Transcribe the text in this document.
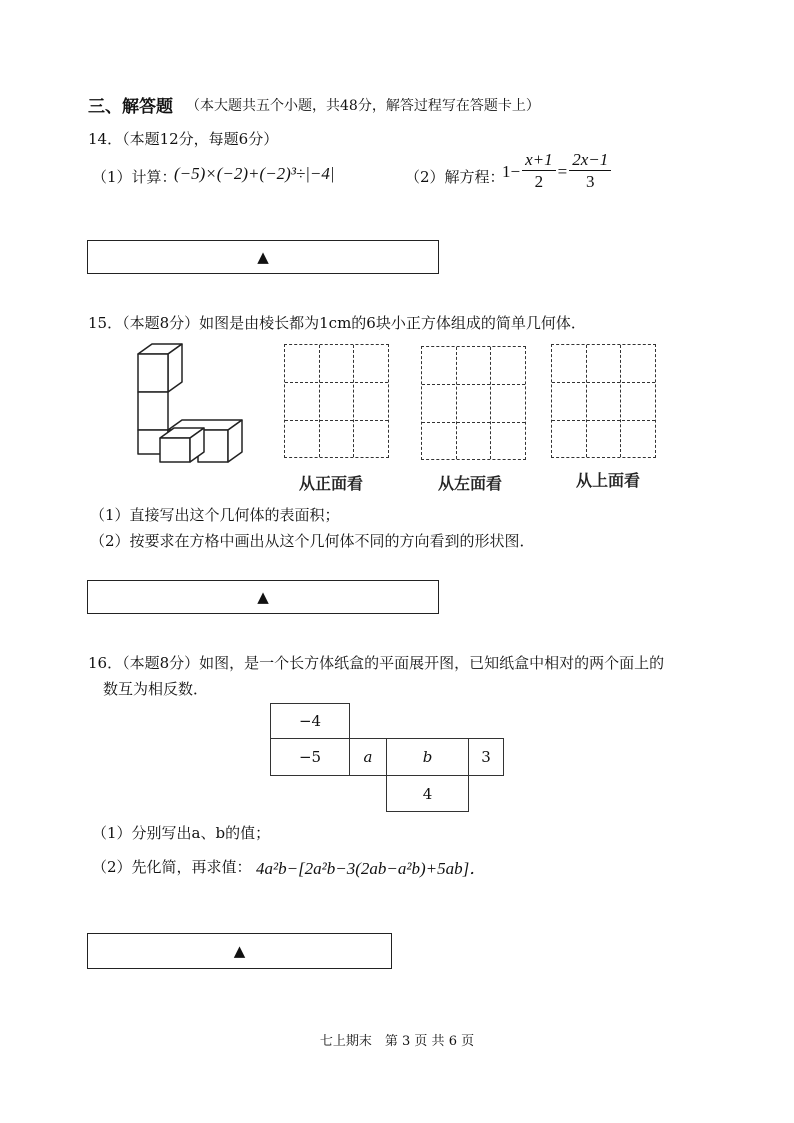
三、解答题 （本大题共五个小题，共48分，解答过程写在答题卡上）
14．（本题12分，每题6分）
（1）计算：
(−5)×(−2)+(−2)³÷|−4|	（2）解方程：
$1- \frac{x+1}{2} = \frac{2x-1}{3}$
▲
15．（本题8分）如图是由棱长都为1cm的6块小正方体组成的简单几何体．
从正面看	从左面看	从上面看
（1）直接写出这个几何体的表面积；
（2）按要求在方格中画出从这个几何体不同的方向看到的形状图．
▲
16．（本题8分）如图，是一个长方体纸盒的平面展开图，已知纸盒中相对的两个面上的
数互为相反数．
−4
−5	a	b	3
4
（1）分别写出a、b的值；
（2）先化简，再求值： 4a²b−[2a²b−3(2ab−a²b)+5ab]．
▲
七上期末　第 3 页 共 6 页
